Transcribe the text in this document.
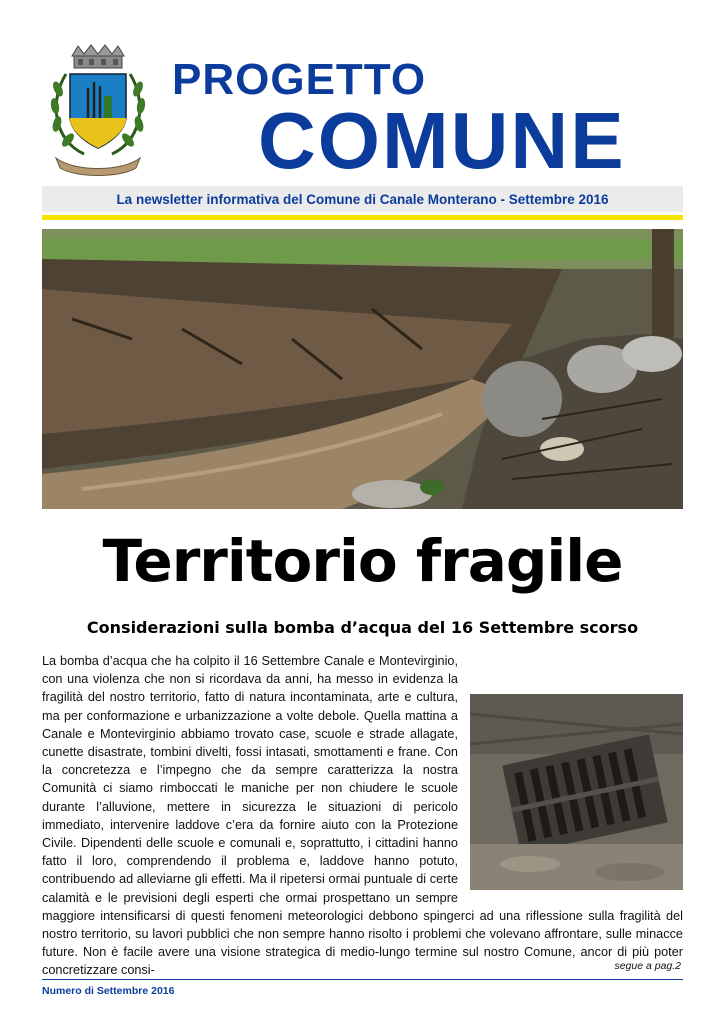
PROGETTO
COMUNE
La newsletter informativa del Comune di Canale Monterano - Settembre 2016
Territorio fragile
Considerazioni sulla bomba d’acqua del 16 Settembre scorso
La bomba d’acqua che ha colpito il 16 Settembre Canale e Montevirginio, con una violenza che non si ricordava da anni, ha messo in evidenza la fragilità del nostro territorio, fatto di natura incontaminata, arte e cultura, ma per conformazione e urbanizzazione a volte debole. Quella mattina a Canale e Montevirginio abbiamo trovato case, scuole e strade allagate, cunette disastrate, tombini divelti, fossi intasati, smottamenti e frane. Con la concretezza e l’impegno che da sempre caratterizza la nostra Comunità ci siamo rimboccati le maniche per non chiudere le scuole durante l’alluvione, mettere in sicurezza le situazioni di pericolo immediato, intervenire laddove c’era da fornire aiuto con la Protezione Civile. Dipendenti delle scuole e comunali e, soprattutto, i cittadini hanno fatto il loro, comprendendo il problema e, laddove hanno potuto, contribuendo ad alleviarne gli effetti. Ma il ripetersi ormai puntuale di certe calamità e le previsioni degli esperti che ormai prospettano un sempre maggiore intensificarsi di questi fenomeni meteorologici debbono spingerci ad una riflessione sulla fragilità del nostro territorio, su lavori pubblici che non sempre hanno risolto i problemi che volevano affrontare, sulle minacce future. Non è facile avere una visione strategica di medio-lungo termine sul nostro Comune, ancor di più poter concretizzare consi-	segue a pag.2

Numero di Settembre 2016
